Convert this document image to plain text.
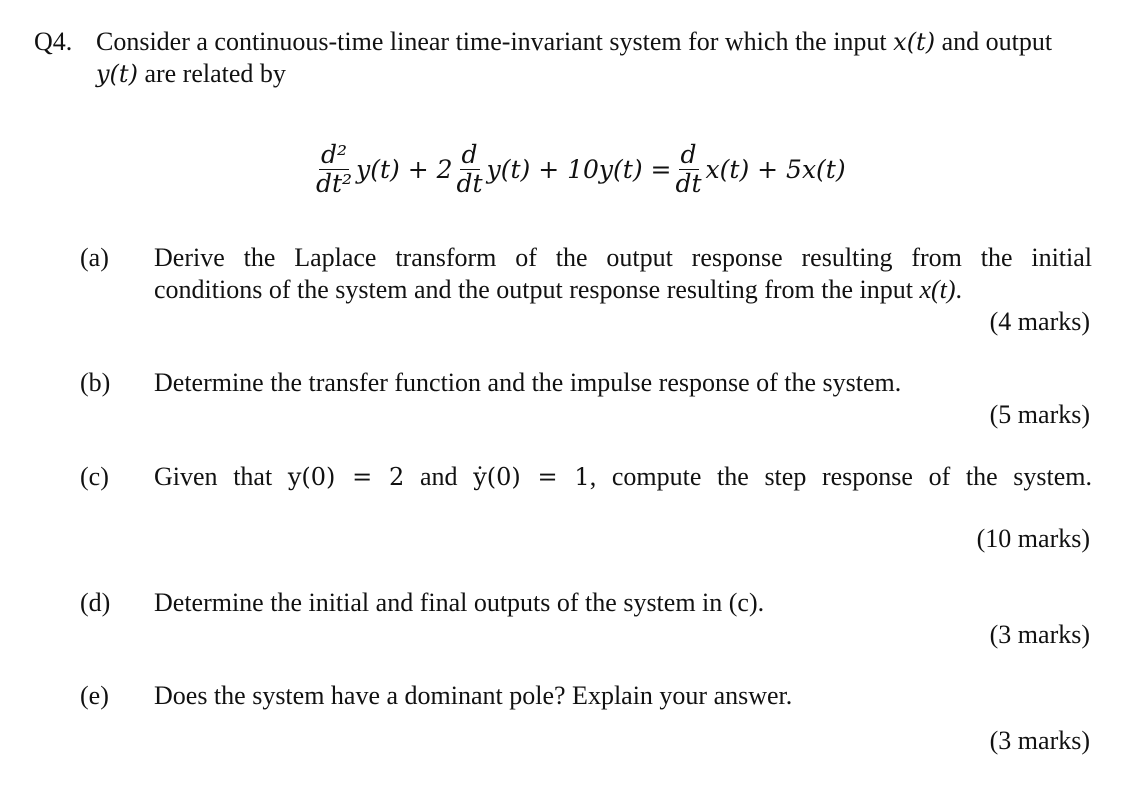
Q4. Consider a continuous-time linear time-invariant system for which the input x(t) and output
y(t) are related by
$\frac{\text{d²}}{\text{dt²}} y(t) + 2 \frac{d}{dt} y(t) + 10y(t) = \frac{d}{dt} x(t) + 5x(t)$
(a) Derive the Laplace transform of the output response resulting from the initial
conditions of the system and the output response resulting from the input x(t).
(4 marks)
(b) Determine the transfer function and the impulse response of the system.
(5 marks)
(c) Given that y(0) = 2 and ẏ(0) = 1, compute the step response of the system.
(10 marks)
(d) Determine the initial and final outputs of the system in (c).
(3 marks)
(e) Does the system have a dominant pole? Explain your answer.
(3 marks)
